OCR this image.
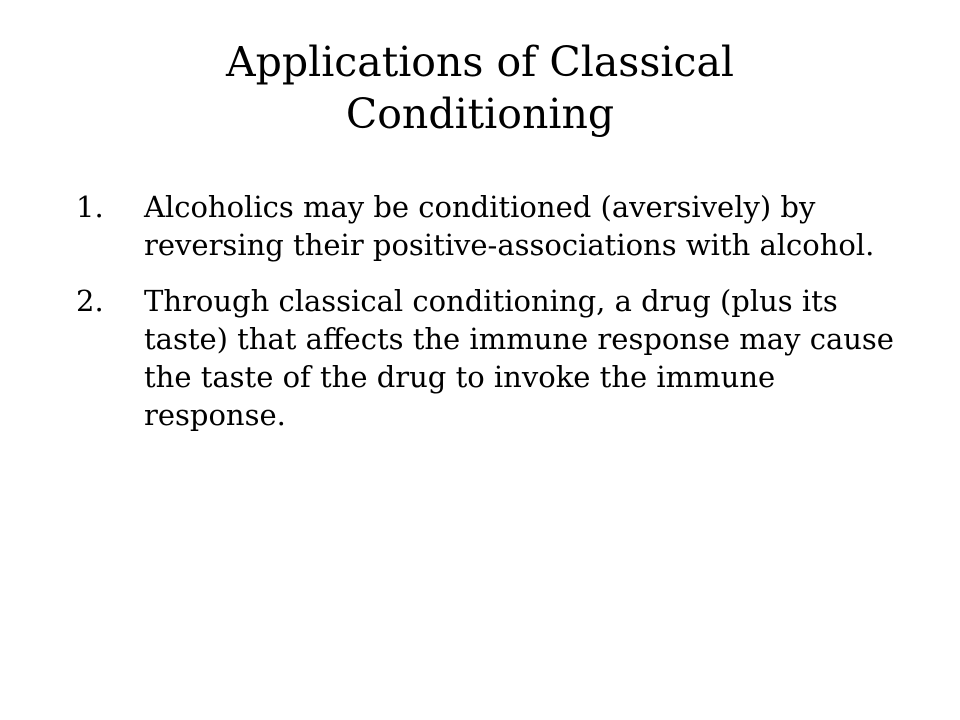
Applications of Classical
Conditioning
1. Alcoholics may be conditioned (aversively) by reversing their positive-associations with alcohol.
2. Through classical conditioning, a drug (plus its taste) that affects the immune response may cause the taste of the drug to invoke the immune response.
